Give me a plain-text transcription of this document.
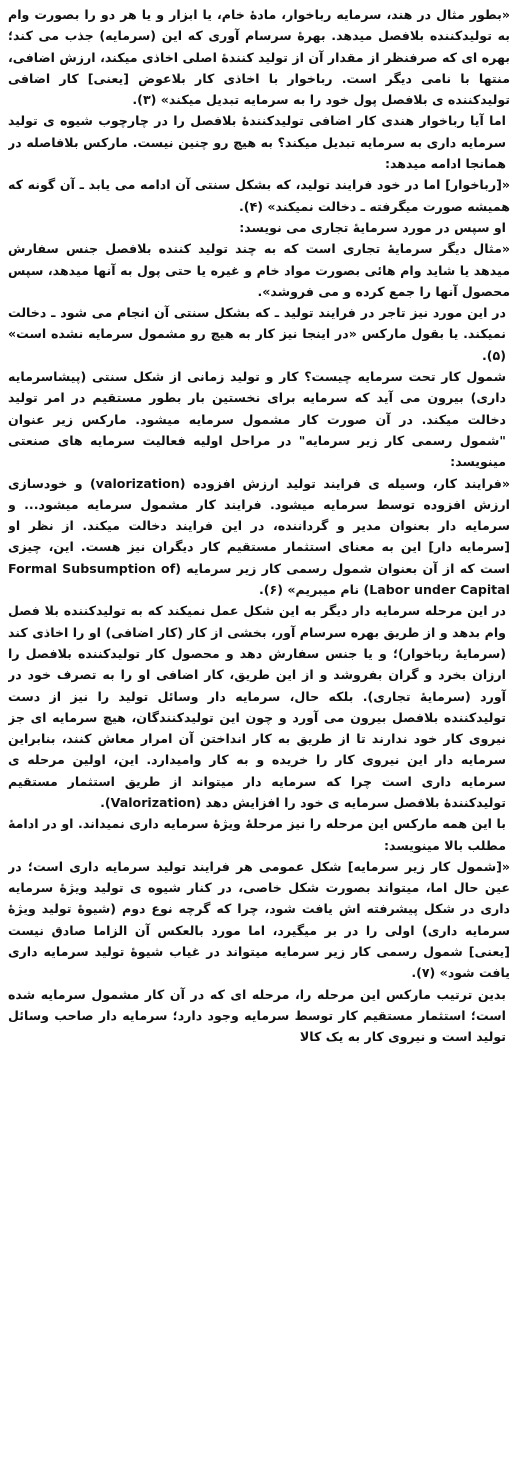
«بطور مثال در هند، سرمایه رباخوار، مادهٔ خام، یا ابزار و یا هر دو را بصورت وام به تولیدکننده بلافصل میدهد. بهرهٔ سرسام آوری که این (سرمایه) جذب می کند؛ بهره ای که صرفنظر از مقدار آن از تولید کنندهٔ اصلی اخاذی میکند، ارزش اضافی، منتها با نامی دیگر است. رباخوار با اخاذی کار بلاعوض [یعنی] کار اضافی تولیدکننده ی بلافصل پول خود را به سرمایه تبدیل میکند» (۳).

اما آیا رباخوار هندی کار اضافی تولیدکنندهٔ بلافصل را در چارچوب شیوه ی تولید سرمایه داری به سرمایه تبدیل میکند؟ به هیچ رو چنین نیست. مارکس بلافاصله در همانجا ادامه میدهد:

«[رباخوار] اما در خود فرایند تولید، که بشکل سنتی آن ادامه می یابد ـ آن گونه که همیشه صورت میگرفته ـ دخالت نمیکند» (۴).

او سپس در مورد سرمایهٔ تجاری می نویسد:

«مثال دیگر سرمایهٔ تجاری است که به چند تولید کننده بلافصل جنس سفارش میدهد یا شاید وام هائی بصورت مواد خام و غیره یا حتی پول به آنها میدهد، سپس محصول آنها را جمع کرده و می فروشد».

در این مورد نیز تاجر در فرایند تولید ـ که بشکل سنتی آن انجام می شود ـ دخالت نمیکند. یا بقول مارکس «در اینجا نیز کار به هیچ رو مشمول سرمایه نشده است» (۵).

شمول کار تحت سرمایه چیست؟ کار و تولید زمانی از شکل سنتی (پیشاسرمایه داری) بیرون می آید که سرمایه برای نخستین بار بطور مستقیم در امر تولید دخالت میکند. در آن صورت کار مشمول سرمایه میشود. مارکس زیر عنوان "شمول رسمی کار زیر سرمایه" در مراحل اولیه فعالیت سرمایه های صنعتی مینویسد:

«فرایند کار، وسیله ی فرایند تولید ارزش افزوده (valorization) و خودسازی ارزش افزوده توسط سرمایه میشود. فرایند کار مشمول سرمایه میشود... و سرمایه دار بعنوان مدیر و گرداننده، در این فرایند دخالت میکند. از نظر او [سرمایه دار] این به معنای استثمار مستقیم کار دیگران نیز هست. این، چیزی است که از آن بعنوان شمول رسمی کار زیر سرمایه (Formal Subsumption of Labor under Capital) نام میبریم» (۶).

در این مرحله سرمایه دار دیگر به این شکل عمل نمیکند که به تولیدکننده بلا فصل وام بدهد و از طریق بهره سرسام آور، بخشی از کار (کار اضافی) او را اخاذی کند (سرمایهٔ رباخوار)؛ و یا جنس سفارش دهد و محصول کار تولیدکننده بلافصل را ارزان بخرد و گران بفروشد و از این طریق، کار اضافی او را به تصرف خود در آورد (سرمایهٔ تجاری). بلکه حال، سرمایه دار وسائل تولید را نیز از دست تولیدکننده بلافصل بیرون می آورد و چون این تولیدکنندگان، هیچ سرمایه ای جز نیروی کار خود ندارند تا از طریق به کار انداختن آن امرار معاش کنند، بنابراین سرمایه دار این نیروی کار را خریده و به کار وامیدارد. این، اولین مرحله ی سرمایه داری است چرا که سرمایه دار میتواند از طریق استثمار مستقیم تولیدکنندهٔ بلافصل سرمایه ی خود را افزایش دهد (Valorization).

با این همه مارکس این مرحله را نیز مرحلهٔ ویژهٔ سرمایه داری نمیداند. او در ادامهٔ مطلب بالا مینویسد:

«[شمول کار زیر سرمایه] شکل عمومی هر فرایند تولید سرمایه داری است؛ در عین حال اما، میتواند بصورت شکل خاصی، در کنار شیوه ی تولید ویژهٔ سرمایه داری در شکل پیشرفته اش یافت شود، چرا که گرچه نوع دوم (شیوهٔ تولید ویژهٔ سرمایه داری) اولی را در بر میگیرد، اما مورد بالعکس آن الزاما صادق نیست [یعنی] شمول رسمی کار زیر سرمایه میتواند در غیاب شیوهٔ تولید سرمایه داری یافت شود» (۷).

بدین ترتیب مارکس این مرحله را، مرحله ای که در آن کار مشمول سرمایه شده است؛ استثمار مستقیم کار توسط سرمایه وجود دارد؛ سرمایه دار صاحب وسائل تولید است و نیروی کار به یک کالا
